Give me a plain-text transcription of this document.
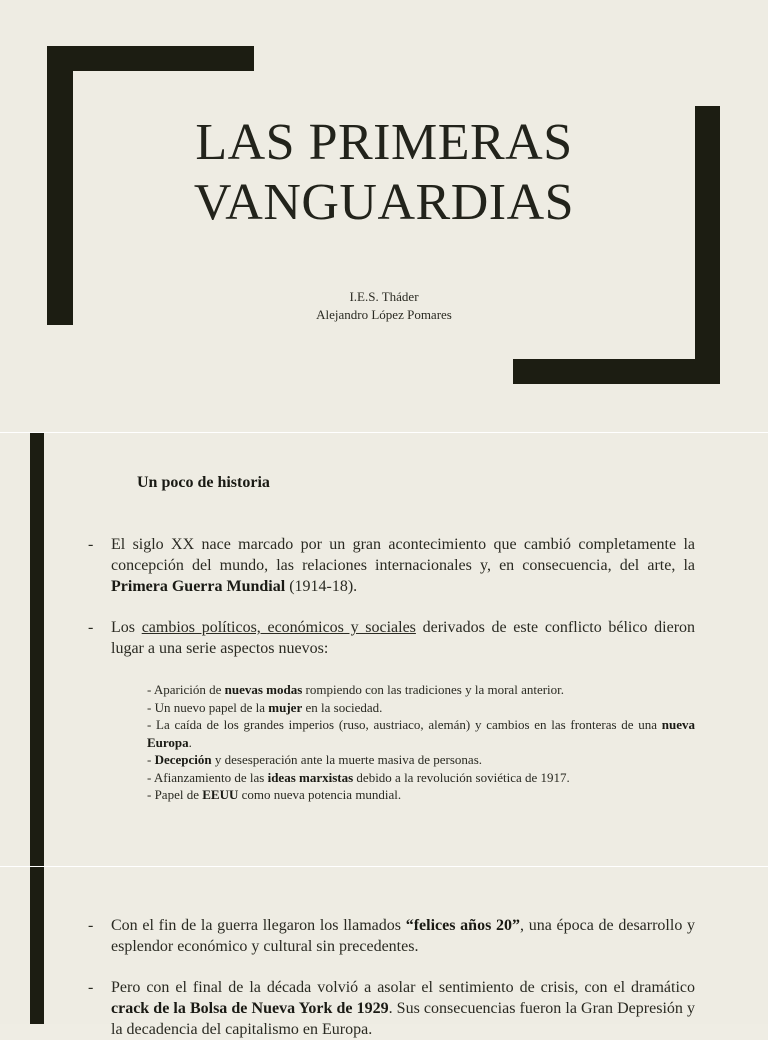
LAS PRIMERAS
VANGUARDIAS
I.E.S. Tháder
Alejandro López Pomares
Un poco de historia
- El siglo XX nace marcado por un gran acontecimiento que cambió completamente la concepción del mundo, las relaciones internacionales y, en consecuencia, del arte, la Primera Guerra Mundial (1914-18).
- Los cambios políticos, económicos y sociales derivados de este conflicto bélico dieron lugar a una serie aspectos nuevos:
- Aparición de nuevas modas rompiendo con las tradiciones y la moral anterior.
- Un nuevo papel de la mujer en la sociedad.
- La caída de los grandes imperios (ruso, austriaco, alemán) y cambios en las fronteras de una nueva Europa.
- Decepción y desesperación ante la muerte masiva de personas.
- Afianzamiento de las ideas marxistas debido a la revolución soviética de 1917.
- Papel de EEUU como nueva potencia mundial.
- Con el fin de la guerra llegaron los llamados “felices años 20”, una época de desarrollo y esplendor económico y cultural sin precedentes.
- Pero con el final de la década volvió a asolar el sentimiento de crisis, con el dramático crack de la Bolsa de Nueva York de 1929. Sus consecuencias fueron la Gran Depresión y la decadencia del capitalismo en Europa.
